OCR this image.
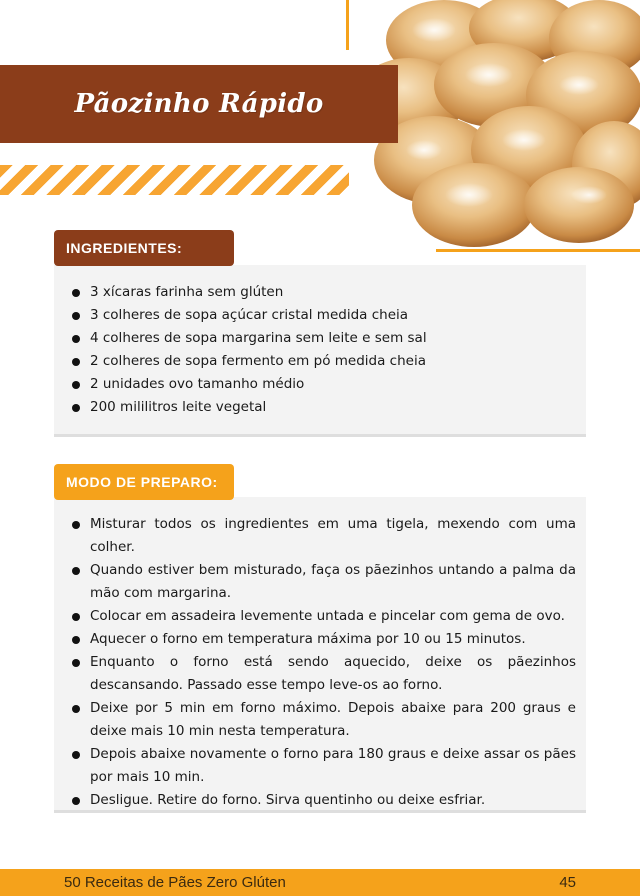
Pãozinho Rápido
3 xícaras farinha sem glúten
3 colheres de sopa açúcar cristal medida cheia
4 colheres de sopa margarina sem leite e sem sal
2 colheres de sopa fermento em pó medida cheia
2 unidades ovo tamanho médio
200 mililitros leite vegetal
INGREDIENTES:
Misturar todos os ingredientes em uma tigela, mexendo com uma colher.
Quando estiver bem misturado, faça os pãezinhos untando a palma da mão com margarina.
Colocar em assadeira levemente untada e pincelar com gema de ovo.
Aquecer o forno em temperatura máxima por 10 ou 15 minutos.
Enquanto o forno está sendo aquecido, deixe os pãezinhos descansando. Passado esse tempo leve-os ao forno.
Deixe por 5 min em forno máximo. Depois abaixe para 200 graus e deixe mais 10 min nesta temperatura.
Depois abaixe novamente o forno para 180 graus e deixe assar os pães por mais 10 min.
Desligue. Retire do forno. Sirva quentinho ou deixe esfriar.
MODO DE PREPARO:
50 Receitas de Pães Zero Glúten	45
